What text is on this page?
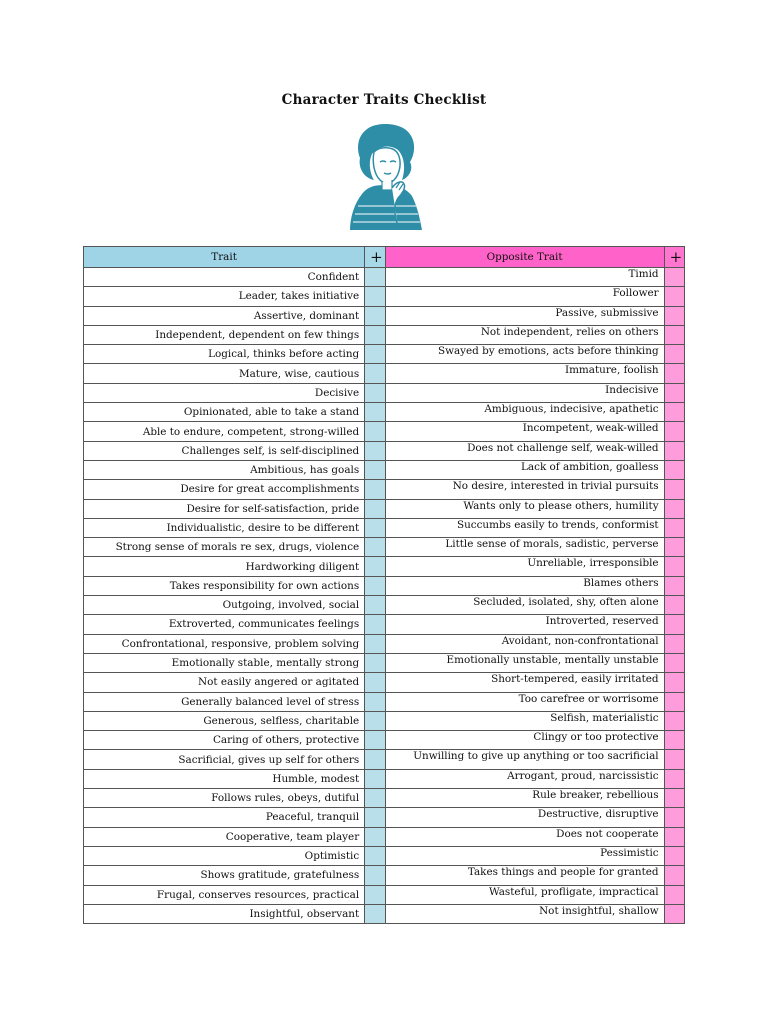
Character Traits Checklist
Trait	+	Opposite Trait	+
Confident		Timid	
Leader, takes initiative		Follower	
Assertive, dominant		Passive, submissive	
Independent, dependent on few things		Not independent, relies on others	
Logical, thinks before acting		Swayed by emotions, acts before thinking	
Mature, wise, cautious		Immature, foolish	
Decisive		Indecisive	
Opinionated, able to take a stand		Ambiguous, indecisive, apathetic	
Able to endure, competent, strong-willed		Incompetent, weak-willed	
Challenges self, is self-disciplined		Does not challenge self, weak-willed	
Ambitious, has goals		Lack of ambition, goalless	
Desire for great accomplishments		No desire, interested in trivial pursuits	
Desire for self-satisfaction, pride		Wants only to please others, humility	
Individualistic, desire to be different		Succumbs easily to trends, conformist	
Strong sense of morals re sex, drugs, violence		Little sense of morals, sadistic, perverse	
Hardworking diligent		Unreliable, irresponsible	
Takes responsibility for own actions		Blames others	
Outgoing, involved, social		Secluded, isolated, shy, often alone	
Extroverted, communicates feelings		Introverted, reserved	
Confrontational, responsive, problem solving		Avoidant, non-confrontational	
Emotionally stable, mentally strong		Emotionally unstable, mentally unstable	
Not easily angered or agitated		Short-tempered, easily irritated	
Generally balanced level of stress		Too carefree or worrisome	
Generous, selfless, charitable		Selfish, materialistic	
Caring of others, protective		Clingy or too protective	
Sacrificial, gives up self for others		Unwilling to give up anything or too sacrificial	
Humble, modest		Arrogant, proud, narcissistic	
Follows rules, obeys, dutiful		Rule breaker, rebellious	
Peaceful, tranquil		Destructive, disruptive	
Cooperative, team player		Does not cooperate	
Optimistic		Pessimistic	
Shows gratitude, gratefulness		Takes things and people for granted	
Frugal, conserves resources, practical		Wasteful, profligate, impractical	
Insightful, observant		Not insightful, shallow	
